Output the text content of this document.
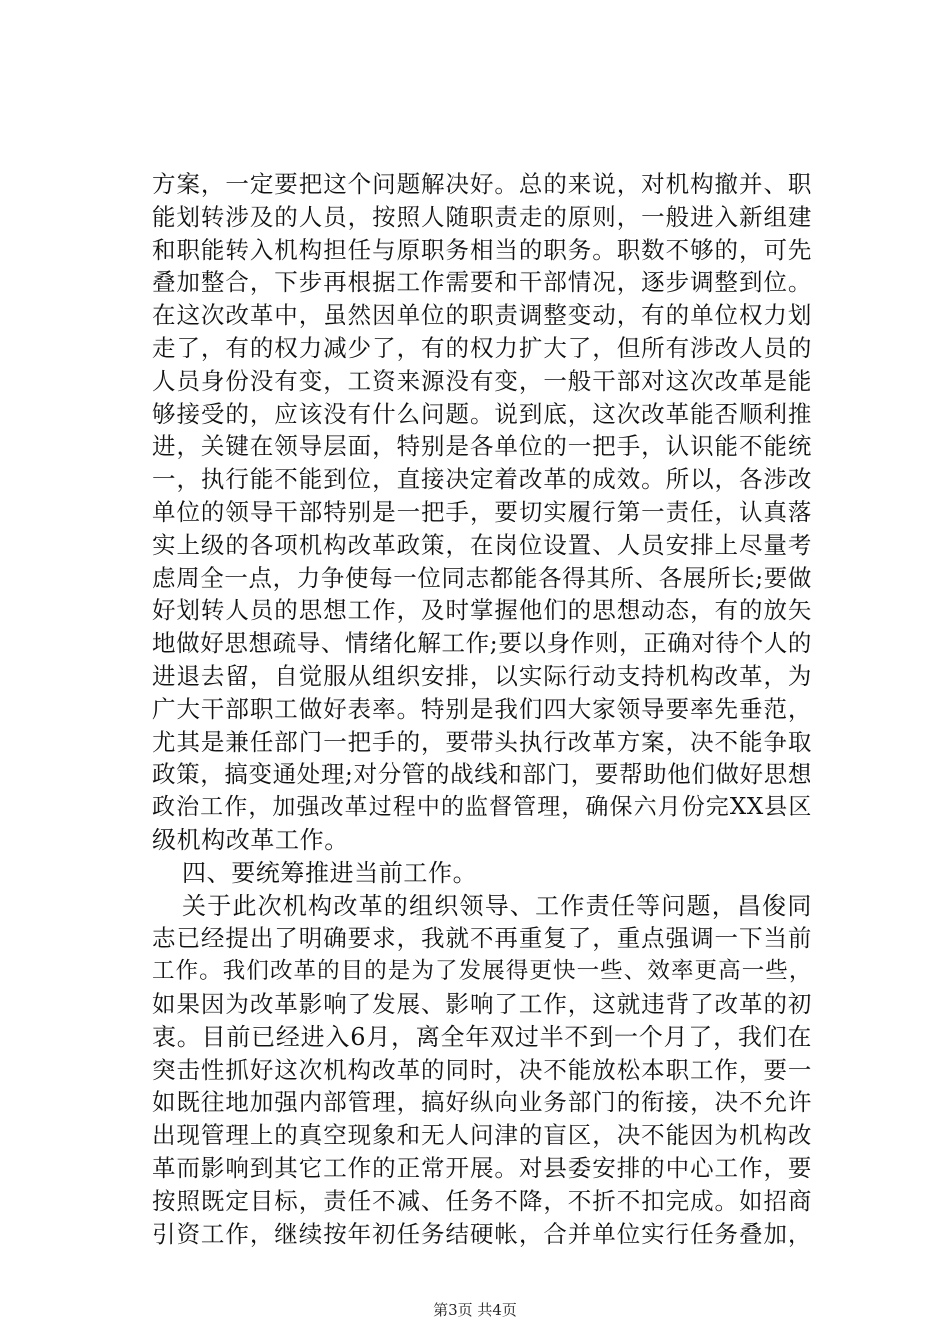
方案，一定要把这个问题解决好。总的来说，对机构撤并、职
能划转涉及的人员，按照人随职责走的原则，一般进入新组建
和职能转入机构担任与原职务相当的职务。职数不够的，可先
叠加整合，下步再根据工作需要和干部情况，逐步调整到位。
在这次改革中，虽然因单位的职责调整变动，有的单位权力划
走了，有的权力减少了，有的权力扩大了，但所有涉改人员的
人员身份没有变，工资来源没有变，一般干部对这次改革是能
够接受的，应该没有什么问题。说到底，这次改革能否顺利推
进，关键在领导层面，特别是各单位的一把手，认识能不能统
一，执行能不能到位，直接决定着改革的成效。所以，各涉改
单位的领导干部特别是一把手，要切实履行第一责任，认真落
实上级的各项机构改革政策，在岗位设置、人员安排上尽量考
虑周全一点，力争使每一位同志都能各得其所、各展所长;要做
好划转人员的思想工作，及时掌握他们的思想动态，有的放矢
地做好思想疏导、情绪化解工作;要以身作则，正确对待个人的
进退去留，自觉服从组织安排，以实际行动支持机构改革，为
广大干部职工做好表率。特别是我们四大家领导要率先垂范，
尤其是兼任部门一把手的，要带头执行改革方案，决不能争取
政策，搞变通处理;对分管的战线和部门，要帮助他们做好思想
政治工作，加强改革过程中的监督管理，确保六月份完XX县区
级机构改革工作。
四、要统筹推进当前工作。
关于此次机构改革的组织领导、工作责任等问题，昌俊同
志已经提出了明确要求，我就不再重复了，重点强调一下当前
工作。我们改革的目的是为了发展得更快一些、效率更高一些，
如果因为改革影响了发展、影响了工作，这就违背了改革的初
衷。目前已经进入6月，离全年双过半不到一个月了，我们在
突击性抓好这次机构改革的同时，决不能放松本职工作，要一
如既往地加强内部管理，搞好纵向业务部门的衔接，决不允许
出现管理上的真空现象和无人问津的盲区，决不能因为机构改
革而影响到其它工作的正常开展。对县委安排的中心工作，要
按照既定目标，责任不减、任务不降，不折不扣完成。如招商
引资工作，继续按年初任务结硬帐，合并单位实行任务叠加，
第3页 共4页
